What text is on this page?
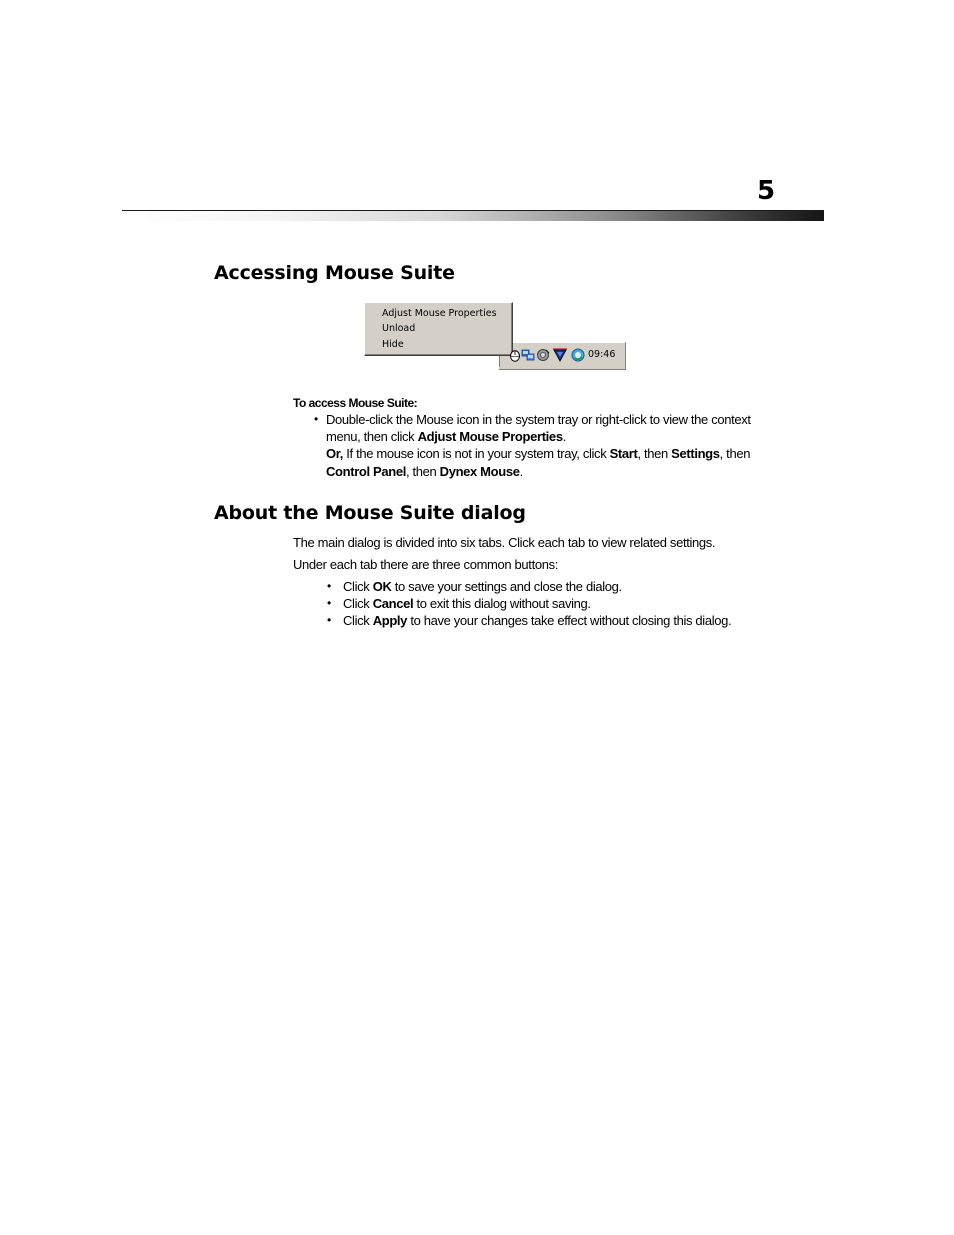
5
Accessing Mouse Suite
Adjust Mouse Properties
Unload
Hide
09:46
To access Mouse Suite:
• Double-click the Mouse icon in the system tray or right-click to view the context
menu, then click Adjust Mouse Properties.
Or, If the mouse icon is not in your system tray, click Start, then Settings, then
Control Panel, then Dynex Mouse.
About the Mouse Suite dialog
The main dialog is divided into six tabs. Click each tab to view related settings.
Under each tab there are three common buttons:
• Click OK to save your settings and close the dialog.
• Click Cancel to exit this dialog without saving.
• Click Apply to have your changes take effect without closing this dialog.
